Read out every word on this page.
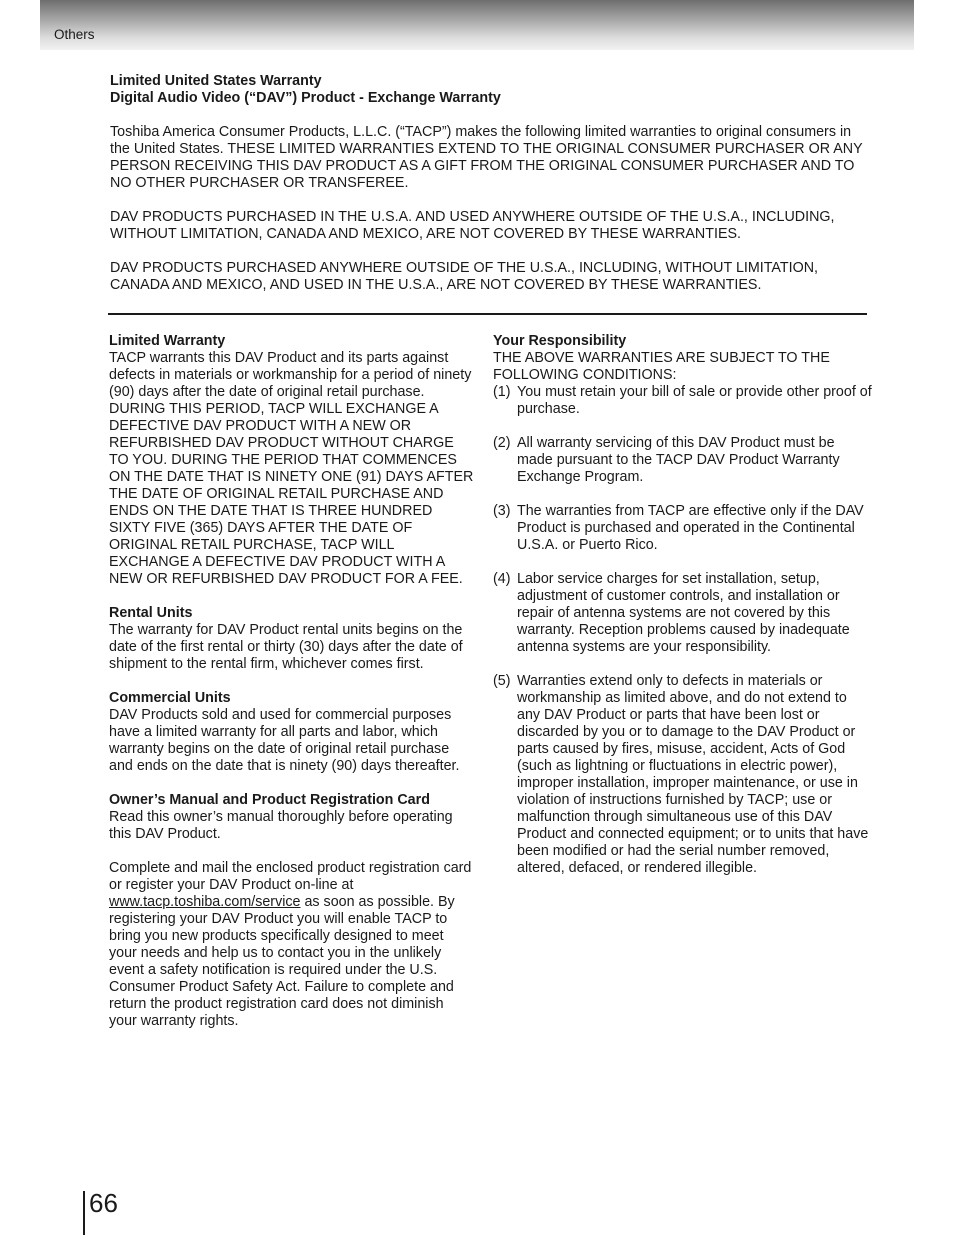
Others
Limited United States Warranty
Digital Audio Video (“DAV”) Product - Exchange Warranty

Toshiba America Consumer Products, L.L.C. (“TACP”) makes the following limited warranties to original consumers in the United States. THESE LIMITED WARRANTIES EXTEND TO THE ORIGINAL CONSUMER PURCHASER OR ANY PERSON RECEIVING THIS DAV PRODUCT AS A GIFT FROM THE ORIGINAL CONSUMER PURCHASER AND TO NO OTHER PURCHASER OR TRANSFEREE.

DAV PRODUCTS PURCHASED IN THE U.S.A. AND USED ANYWHERE OUTSIDE OF THE U.S.A., INCLUDING, WITHOUT LIMITATION, CANADA AND MEXICO, ARE NOT COVERED BY THESE WARRANTIES.

DAV PRODUCTS PURCHASED ANYWHERE OUTSIDE OF THE U.S.A., INCLUDING, WITHOUT LIMITATION, CANADA AND MEXICO, AND USED IN THE U.S.A., ARE NOT COVERED BY THESE WARRANTIES.

Limited Warranty

TACP warrants this DAV Product and its parts against defects in materials or workmanship for a period of ninety (90) days after the date of original retail purchase. DURING THIS PERIOD, TACP WILL EXCHANGE A DEFECTIVE DAV PRODUCT WITH A NEW OR REFURBISHED DAV PRODUCT WITHOUT CHARGE TO YOU. DURING THE PERIOD THAT COMMENCES ON THE DATE THAT IS NINETY ONE (91) DAYS AFTER THE DATE OF ORIGINAL RETAIL PURCHASE AND ENDS ON THE DATE THAT IS THREE HUNDRED SIXTY FIVE (365) DAYS AFTER THE DATE OF ORIGINAL RETAIL PURCHASE, TACP WILL EXCHANGE A DEFECTIVE DAV PRODUCT WITH A NEW OR REFURBISHED DAV PRODUCT FOR A FEE.

Rental Units

The warranty for DAV Product rental units begins on the date of the first rental or thirty (30) days after the date of shipment to the rental firm, whichever comes first.

Commercial Units

DAV Products sold and used for commercial purposes have a limited warranty for all parts and labor, which warranty begins on the date of original retail purchase and ends on the date that is ninety (90) days thereafter.

Owner’s Manual and Product Registration Card

Read this owner’s manual thoroughly before operating this DAV Product.

Complete and mail the enclosed product registration card or register your DAV Product on-line at www.tacp.toshiba.com/service as soon as possible. By registering your DAV Product you will enable TACP to bring you new products specifically designed to meet your needs and help us to contact you in the unlikely event a safety notification is required under the U.S. Consumer Product Safety Act. Failure to complete and return the product registration card does not diminish your warranty rights.

Your Responsibility

THE ABOVE WARRANTIES ARE SUBJECT TO THE FOLLOWING CONDITIONS:

(1) You must retain your bill of sale or provide other proof of purchase.
(2) All warranty servicing of this DAV Product must be made pursuant to the TACP DAV Product Warranty Exchange Program.
(3) The warranties from TACP are effective only if the DAV Product is purchased and operated in the Continental U.S.A. or Puerto Rico.
(4) Labor service charges for set installation, setup, adjustment of customer controls, and installation or repair of antenna systems are not covered by this warranty. Reception problems caused by inadequate antenna systems are your responsibility.
(5) Warranties extend only to defects in materials or workmanship as limited above, and do not extend to any DAV Product or parts that have been lost or discarded by you or to damage to the DAV Product or parts caused by fires, misuse, accident, Acts of God (such as lightning or fluctuations in electric power), improper installation, improper maintenance, or use in violation of instructions furnished by TACP; use or malfunction through simultaneous use of this DAV Product and connected equipment; or to units that have been modified or had the serial number removed, altered, defaced, or rendered illegible.
66
